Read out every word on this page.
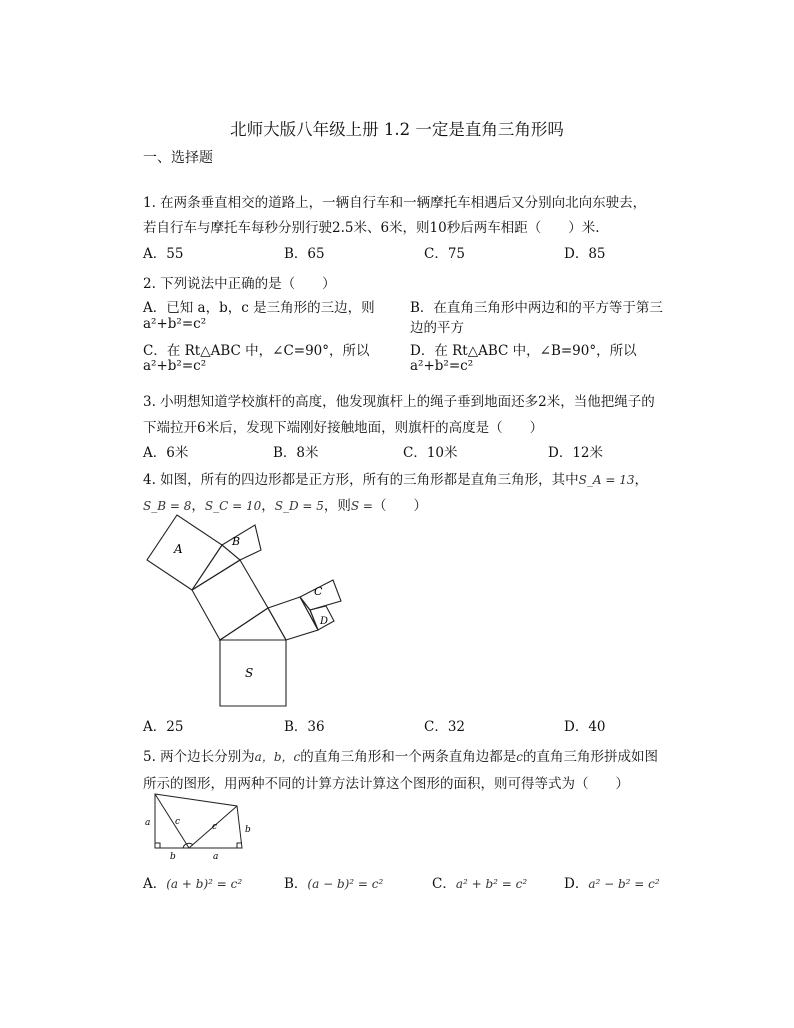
北师大版八年级上册 1.2 一定是直角三角形吗
一、选择题
1. 在两条垂直相交的道路上，一辆自行车和一辆摩托车相遇后又分别向北向东驶去，
若自行车与摩托车每秒分别行驶2.5米、6米，则10秒后两车相距（　　）米.
A．55	B．65	C．75	D．85
2. 下列说法中正确的是（　　）
A．已知 a，b，c 是三角形的三边，则
a²+b²=c²
B．在直角三角形中两边和的平方等于第三
边的平方
C．在 Rt△ABC 中，∠C=90°，所以
a²+b²=c²
D．在 Rt△ABC 中，∠B=90°，所以
a²+b²=c²
3. 小明想知道学校旗杆的高度，他发现旗杆上的绳子垂到地面还多2米，当他把绳子的
下端拉开6米后，发现下端刚好接触地面，则旗杆的高度是（　　）
A．6米	B．8米	C．10米	D．12米
4. 如图，所有的四边形都是正方形，所有的三角形都是直角三角形，其中S_A = 13，
S_B = 8，S_C = 10，S_D = 5，则S =（　　）
A
B
C
D
S
A．25	B．36	C．32	D．40
5. 两个边长分别为a，b，c的直角三角形和一个两条直角边都是c的直角三角形拼成如图
所示的图形，用两种不同的计算方法计算这个图形的面积，则可得等式为（　　）
a	c	c	b
b	a
A．(a + b)² = c²	B．(a − b)² = c²	C．a² + b² = c²	D．a² − b² = c²
